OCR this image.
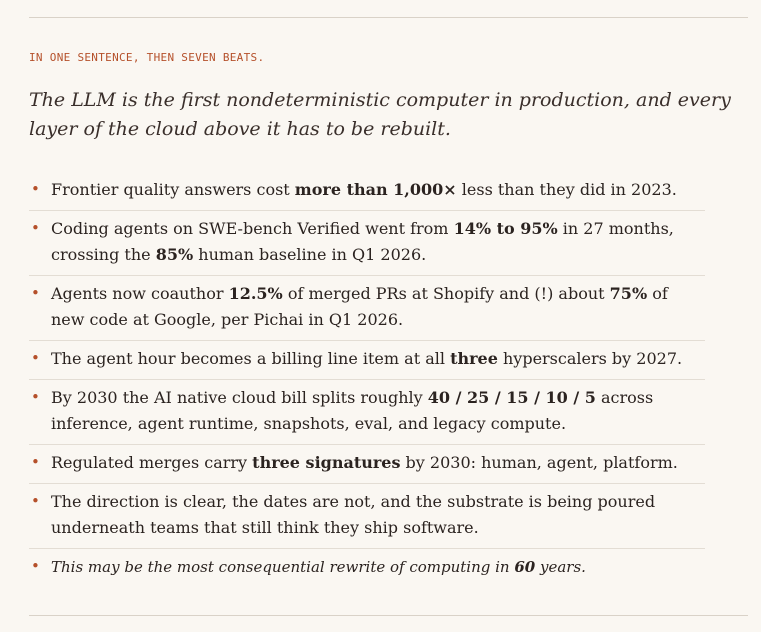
IN ONE SENTENCE, THEN SEVEN BEATS.
The LLM is the first nondeterministic computer in production, and every layer of the cloud above it has to be rebuilt.
• Frontier quality answers cost more than 1,000× less than they did in 2023.
• Coding agents on SWE-bench Verified went from 14% to 95% in 27 months, crossing the 85% human baseline in Q1 2026.
• Agents now coauthor 12.5% of merged PRs at Shopify and (!) about 75% of new code at Google, per Pichai in Q1 2026.
• The agent hour becomes a billing line item at all three hyperscalers by 2027.
• By 2030 the AI native cloud bill splits roughly 40 / 25 / 15 / 10 / 5 across inference, agent runtime, snapshots, eval, and legacy compute.
• Regulated merges carry three signatures by 2030: human, agent, platform.
• The direction is clear, the dates are not, and the substrate is being poured underneath teams that still think they ship software.
• This may be the most consequential rewrite of computing in 60 years.
